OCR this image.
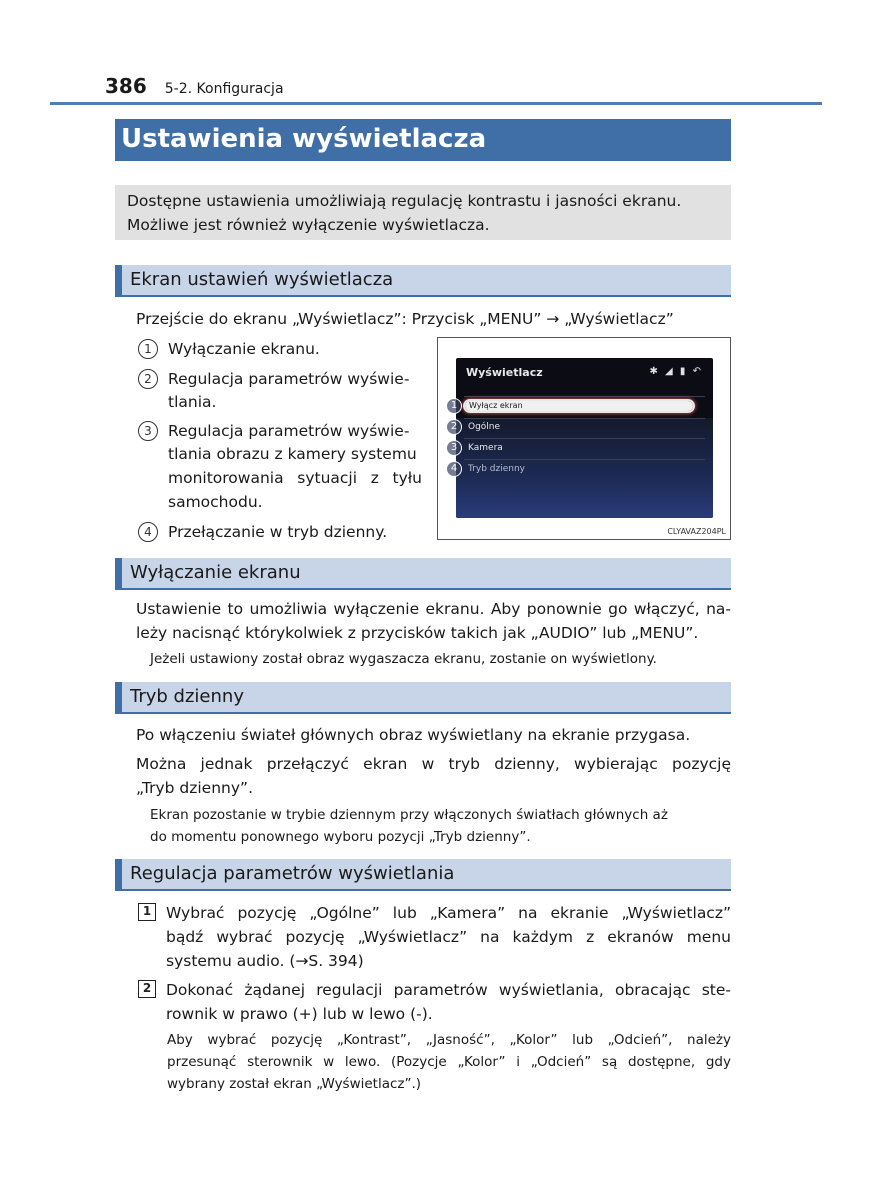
386 5-2. Konfiguracja
Ustawienia wyświetlacza

Dostępne ustawienia umożliwiają regulację kontrastu i jasności ekranu.

Możliwe jest również wyłączenie wyświetlacza.

Ekran ustawień wyświetlacza
Przejście do ekranu „Wyświetlacz”: Przycisk „MENU” → „Wyświetlacz”
1	Wyłączanie ekranu.
2	Regulacja parametrów wyświe-
tlania.
3	Regulacja parametrów wyświe-
tlania obrazu z kamery systemu
monitorowania sytuacji z tyłu
samochodu.
4	Przełączanie w tryb dzienny.
Wyświetlacz	✱ ◢ ▮ ↶
Wyłącz ekran
Ogólne
Kamera
Tryb dzienny
1
2
3
4
CLYAVAZ204PL
Wyłączanie ekranu
Ustawienie to umożliwia wyłączenie ekranu. Aby ponownie go włączyć, na-
leży nacisnąć którykolwiek z przycisków takich jak „AUDIO” lub „MENU”.
Jeżeli ustawiony został obraz wygaszacza ekranu, zostanie on wyświetlony.
Tryb dzienny
Po włączeniu świateł głównych obraz wyświetlany na ekranie przygasa.
Można jednak przełączyć ekran w tryb dzienny, wybierając pozycję
„Tryb dzienny”.
Ekran pozostanie w trybie dziennym przy włączonych światłach głównych aż
do momentu ponownego wyboru pozycji „Tryb dzienny”.
Regulacja parametrów wyświetlania
1 Wybrać pozycję „Ogólne” lub „Kamera” na ekranie „Wyświetlacz”
bądź wybrać pozycję „Wyświetlacz” na każdym z ekranów menu
systemu audio. (→S. 394)
2 Dokonać żądanej regulacji parametrów wyświetlania, obracając ste-
rownik w prawo (+) lub w lewo (-).
Aby wybrać pozycję „Kontrast”, „Jasność”, „Kolor” lub „Odcień”, należy
przesunąć sterownik w lewo. (Pozycje „Kolor” i „Odcień” są dostępne, gdy
wybrany został ekran „Wyświetlacz”.)
